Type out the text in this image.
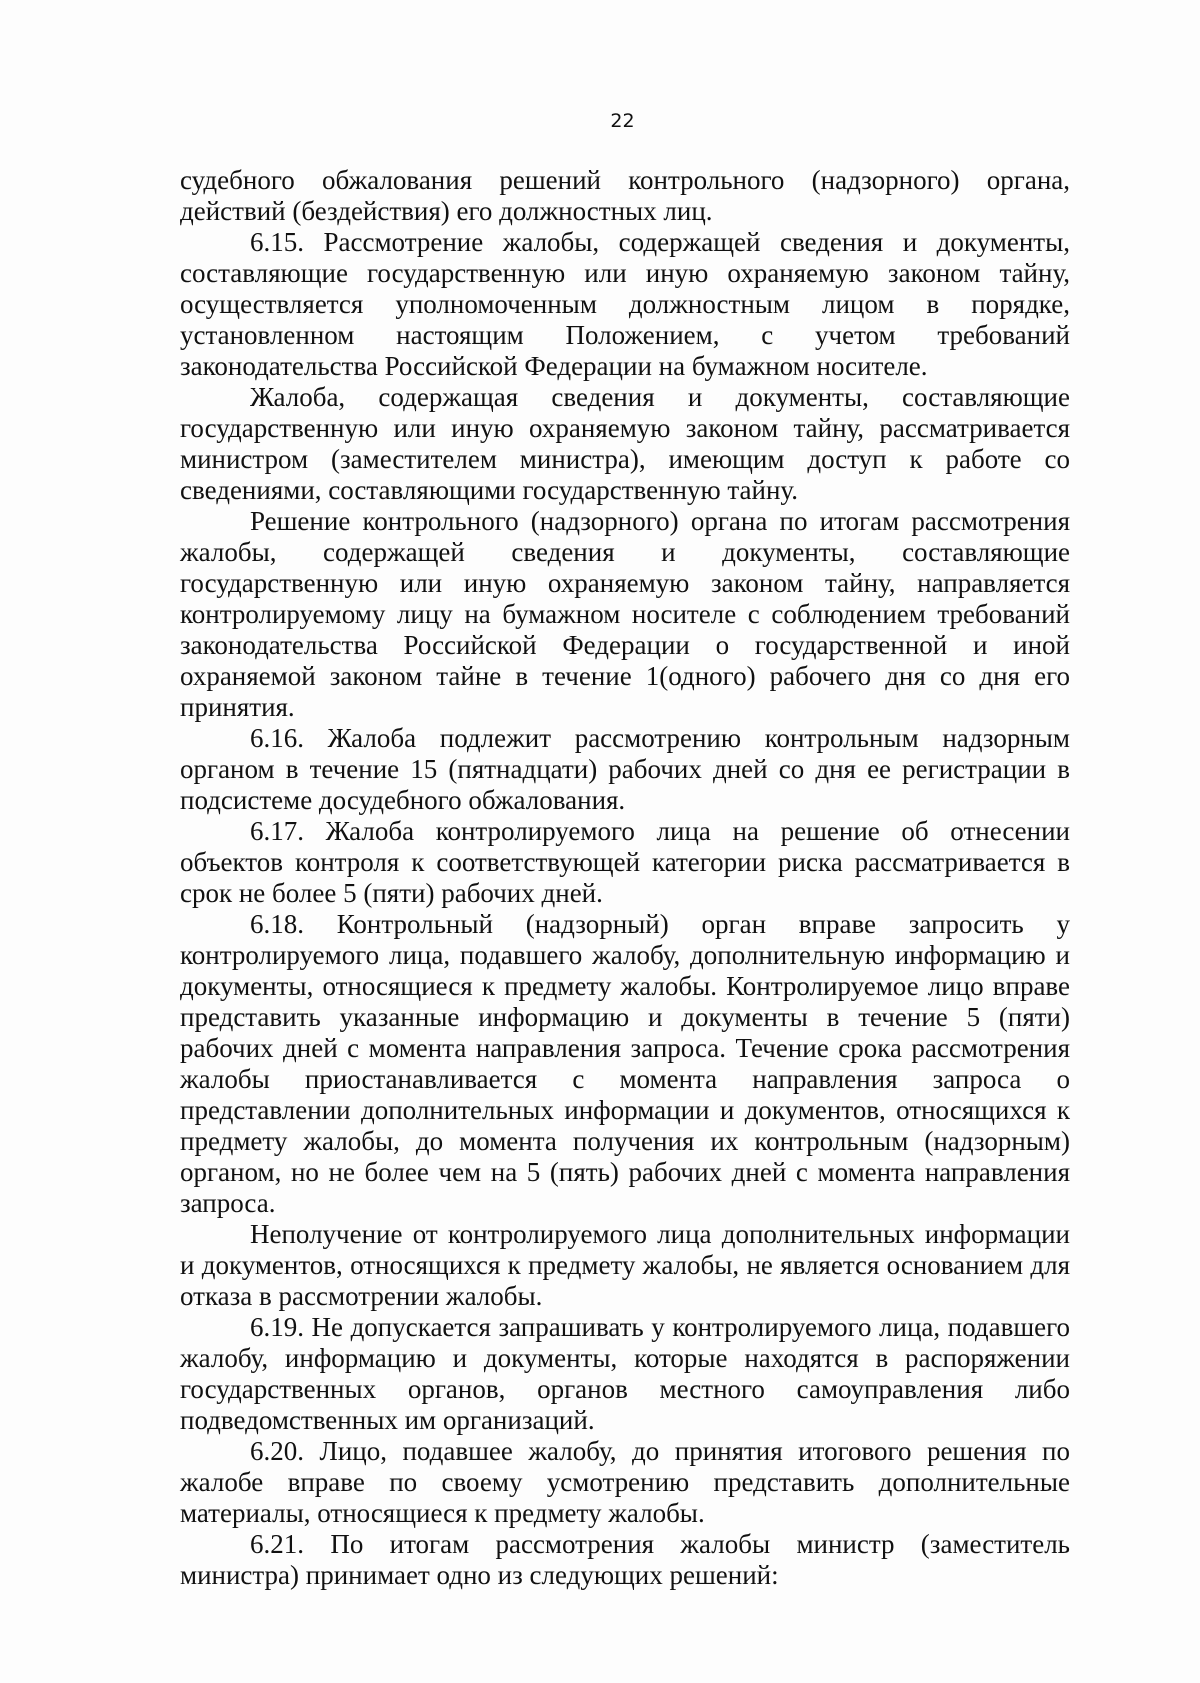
22

судебного обжалования решений контрольного (надзорного) органа, действий (бездействия) его должностных лиц.

6.15. Рассмотрение жалобы, содержащей сведения и документы, составляющие государственную или иную охраняемую законом тайну, осуществляется уполномоченным должностным лицом в порядке, установленном настоящим Положением, с учетом требований законодательства Российской Федерации на бумажном носителе.

Жалоба, содержащая сведения и документы, составляющие государственную или иную охраняемую законом тайну, рассматривается министром (заместителем министра), имеющим доступ к работе со сведениями, составляющими государственную тайну.

Решение контрольного (надзорного) органа по итогам рассмотрения жалобы, содержащей сведения и документы, составляющие государственную или иную охраняемую законом тайну, направляется контролируемому лицу на бумажном носителе с соблюдением требований законодательства Российской Федерации о государственной и иной охраняемой законом тайне в течение 1(одного) рабочего дня со дня его принятия.

6.16. Жалоба подлежит рассмотрению контрольным надзорным органом в течение 15 (пятнадцати) рабочих дней со дня ее регистрации в подсистеме досудебного обжалования.

6.17. Жалоба контролируемого лица на решение об отнесении объектов контроля к соответствующей категории риска рассматривается в срок не более 5 (пяти) рабочих дней.

6.18. Контрольный (надзорный) орган вправе запросить у контролируемого лица, подавшего жалобу, дополнительную информацию и документы, относящиеся к предмету жалобы. Контролируемое лицо вправе представить указанные информацию и документы в течение 5 (пяти) рабочих дней с момента направления запроса. Течение срока рассмотрения жалобы приостанавливается с момента направления запроса о представлении дополнительных информации и документов, относящихся к предмету жалобы, до момента получения их контрольным (надзорным) органом, но не более чем на 5 (пять) рабочих дней с момента направления запроса.

Неполучение от контролируемого лица дополнительных информации и документов, относящихся к предмету жалобы, не является основанием для отказа в рассмотрении жалобы.

6.19. Не допускается запрашивать у контролируемого лица, подавшего жалобу, информацию и документы, которые находятся в распоряжении государственных органов, органов местного самоуправления либо подведомственных им организаций.

6.20. Лицо, подавшее жалобу, до принятия итогового решения по жалобе вправе по своему усмотрению представить дополнительные материалы, относящиеся к предмету жалобы.

6.21. По итогам рассмотрения жалобы министр (заместитель министра) принимает одно из следующих решений:
